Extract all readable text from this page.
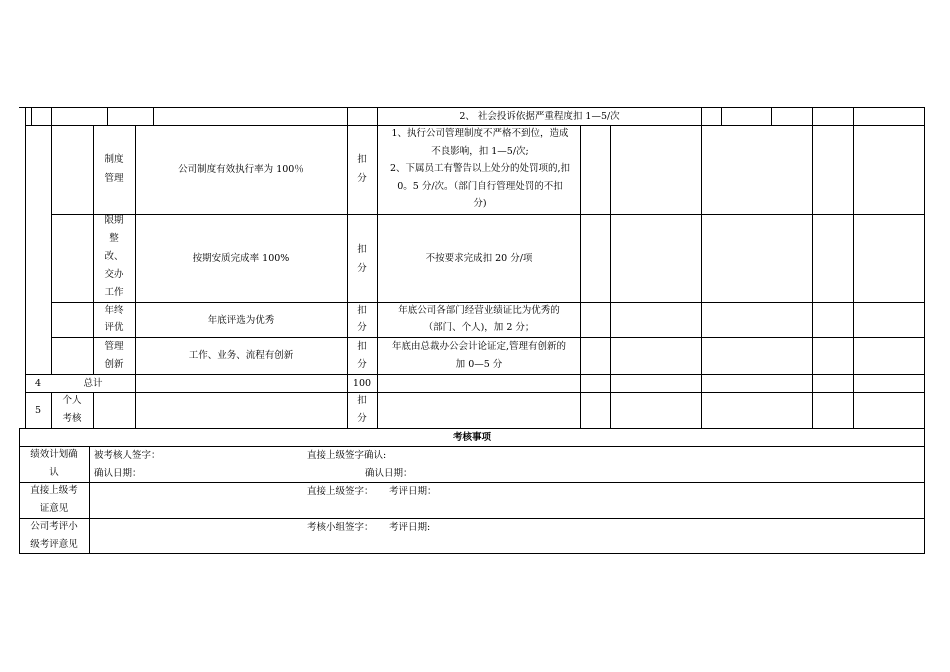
2、 社会投诉依据严重程度扣 1—5/次
制度
管理
公司制度有效执行率为 100％
扣
分
1、执行公司管理制度不严格不到位，造成
不良影响，扣 1—5/次;
2、下属员工有警告以上处分的处罚项的,扣
0。5 分/次。（部门自行管理处罚的不扣
分)
限期
整
改、
交办
工作
按期安质完成率 100%
扣
分
不按要求完成扣 20 分/项
年终
评优
年底评选为优秀
扣
分
年底公司各部门经营业绩证比为优秀的
（部门、个人)，加 2 分；
管理
创新
工作、业务、流程有创新
扣
分
年底由总裁办公会计论证定,管理有创新的
加 0—5 分
4	总计	100
5
个人
考核
扣
分
考核事项
绩效计划确
认
被考核人签字：
确认日期：
直接上级签字确认:
确认日期：
直接上级考
证意见
直接上级签字： 考评日期：
公司考评小
级考评意见
考核小组签字： 考评日期:
